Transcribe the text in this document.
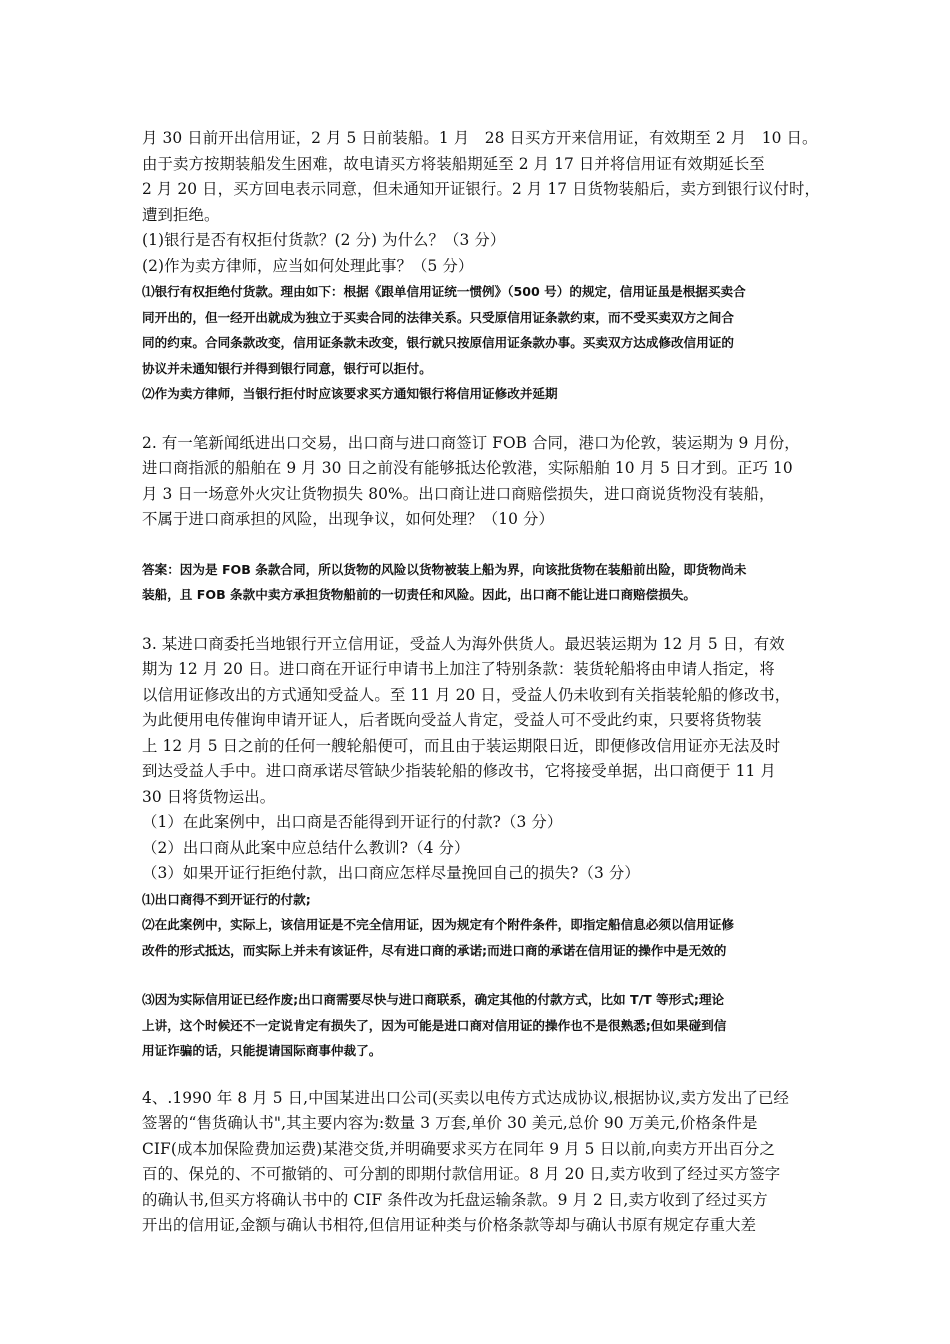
月 30 日前开出信用证，2 月 5 日前装船。1 月　28 日买方开来信用证，有效期至 2 月　10 日。
由于卖方按期装船发生困难，故电请买方将装船期延至 2 月 17 日并将信用证有效期延长至
2 月 20 日，买方回电表示同意，但未通知开证银行。2 月 17 日货物装船后，卖方到银行议付时，
遭到拒绝。
(1)银行是否有权拒付货款？(2 分) 为什么？（3 分）
(2)作为卖方律师，应当如何处理此事？（5 分）
⑴银行有权拒绝付货款。理由如下：根据《跟单信用证统一惯例》（500 号）的规定，信用证虽是根据买卖合
同开出的，但一经开出就成为独立于买卖合同的法律关系。只受原信用证条款约束，而不受买卖双方之间合
同的约束。合同条款改变，信用证条款未改变，银行就只按原信用证条款办事。买卖双方达成修改信用证的
协议并未通知银行并得到银行同意，银行可以拒付。
⑵作为卖方律师，当银行拒付时应该要求买方通知银行将信用证修改并延期
2. 有一笔新闻纸进出口交易，出口商与进口商签订 FOB 合同，港口为伦敦，装运期为 9 月份，
进口商指派的船舶在 9 月 30 日之前没有能够抵达伦敦港，实际船舶 10 月 5 日才到。正巧 10
月 3 日一场意外火灾让货物损失 80%。出口商让进口商赔偿损失，进口商说货物没有装船，
不属于进口商承担的风险，出现争议，如何处理？（10 分）
答案：因为是 FOB 条款合同，所以货物的风险以货物被装上船为界，向该批货物在装船前出险，即货物尚未
装船，且 FOB 条款中卖方承担货物船前的一切责任和风险。因此，出口商不能让进口商赔偿损失。
3. 某进口商委托当地银行开立信用证，受益人为海外供货人。最迟装运期为 12 月 5 日，有效
期为 12 月 20 日。进口商在开证行申请书上加注了特别条款：装货轮船将由申请人指定，将
以信用证修改出的方式通知受益人。至 11 月 20 日，受益人仍未收到有关指装轮船的修改书，
为此便用电传催询申请开证人，后者既向受益人肯定，受益人可不受此约束，只要将货物装
上 12 月 5 日之前的任何一艘轮船便可，而且由于装运期限日近，即便修改信用证亦无法及时
到达受益人手中。进口商承诺尽管缺少指装轮船的修改书，它将接受单据，出口商便于 11 月
30 日将货物运出。
（1）在此案例中，出口商是否能得到开证行的付款?（3 分）
（2）出口商从此案中应总结什么教训?（4 分）
（3）如果开证行拒绝付款，出口商应怎样尽量挽回自己的损失?（3 分）
⑴出口商得不到开证行的付款;
⑵在此案例中，实际上，该信用证是不完全信用证，因为规定有个附件条件，即指定船信息必须以信用证修
改件的形式抵达，而实际上并未有该证件，尽有进口商的承诺;而进口商的承诺在信用证的操作中是无效的
⑶因为实际信用证已经作废;出口商需要尽快与进口商联系，确定其他的付款方式，比如 T/T 等形式;理论
上讲，这个时候还不一定说肯定有损失了，因为可能是进口商对信用证的操作也不是很熟悉;但如果碰到信
用证诈骗的话，只能提请国际商事仲裁了。
4、.1990 年 8 月 5 日,中国某进出口公司(买卖以电传方式达成协议,根据协议,卖方发出了已经
签署的“售货确认书",其主要内容为:数量 3 万套,单价 30 美元,总价 90 万美元,价格条件是
CIF(成本加保险费加运费)某港交货,并明确要求买方在同年 9 月 5 日以前,向卖方开出百分之
百的、保兑的、不可撤销的、可分割的即期付款信用证。8 月 20 日,卖方收到了经过买方签字
的确认书,但买方将确认书中的 CIF 条件改为托盘运输条款。9 月 2 日,卖方收到了经过买方
开出的信用证,金额与确认书相符,但信用证种类与价格条款等却与确认书原有规定存重大差
